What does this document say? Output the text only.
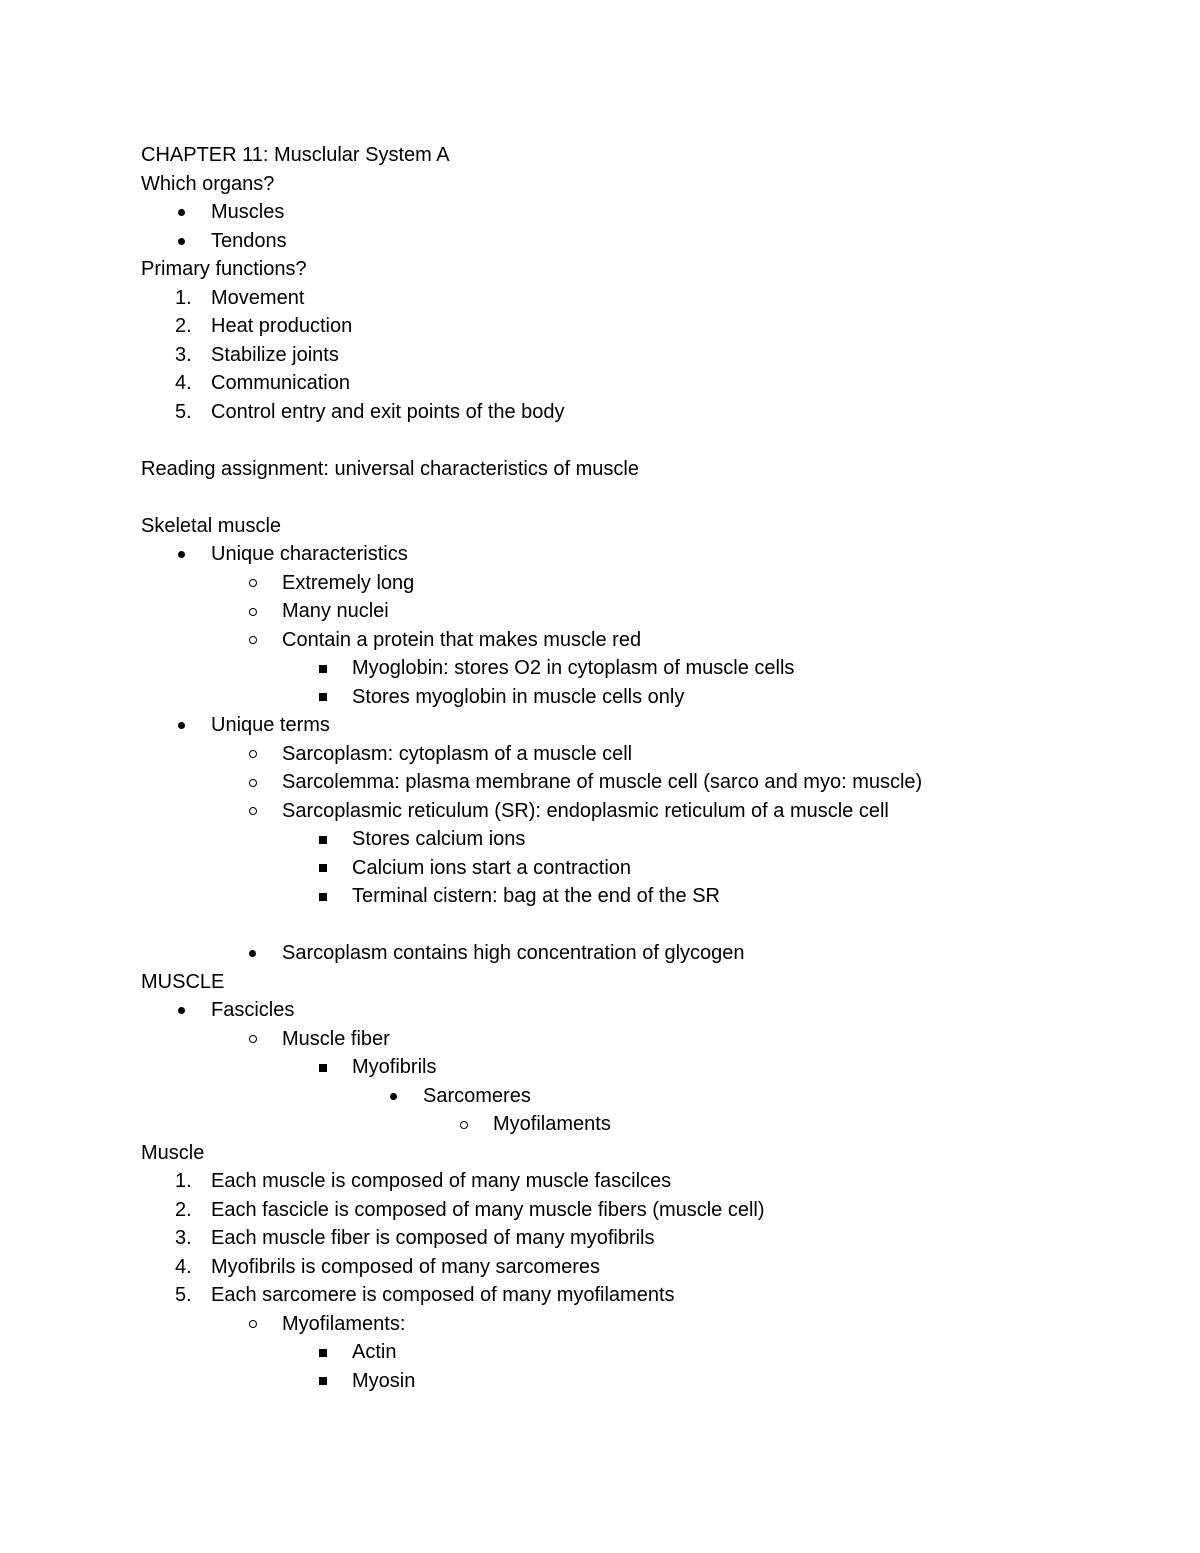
CHAPTER 11: Musclular System A
Which organs?
Muscles
Tendons
Primary functions?
1. Movement
2. Heat production
3. Stabilize joints
4. Communication
5. Control entry and exit points of the body
Reading assignment: universal characteristics of muscle
Skeletal muscle
Unique characteristics
Extremely long
Many nuclei
Contain a protein that makes muscle red
Myoglobin: stores O2 in cytoplasm of muscle cells
Stores myoglobin in muscle cells only
Unique terms
Sarcoplasm: cytoplasm of a muscle cell
Sarcolemma: plasma membrane of muscle cell (sarco and myo: muscle)
Sarcoplasmic reticulum (SR): endoplasmic reticulum of a muscle cell
Stores calcium ions
Calcium ions start a contraction
Terminal cistern: bag at the end of the SR
Sarcoplasm contains high concentration of glycogen
MUSCLE
Fascicles
Muscle fiber
Myofibrils
Sarcomeres
Myofilaments
Muscle
1. Each muscle is composed of many muscle fascilces
2. Each fascicle is composed of many muscle fibers (muscle cell)
3. Each muscle fiber is composed of many myofibrils
4. Myofibrils is composed of many sarcomeres
5. Each sarcomere is composed of many myofilaments
Myofilaments:
Actin
Myosin
